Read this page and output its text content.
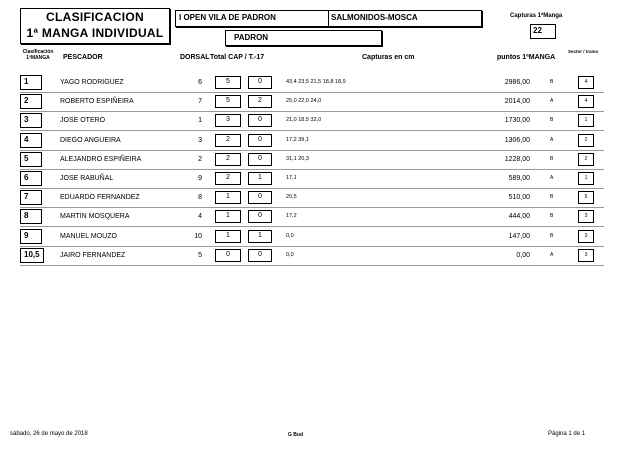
CLASIFICACION
1ª MANGA INDIVIDUAL
I OPEN VILA DE PADRON	SALMONIDOS-MOSCA
PADRON
Capturas 1ªManga
22
Clasificación 1ªMANGA	PESCADOR	DORSAL Total CAP / T.-17	Capturas en cm	puntos 1ªMANGA
Sector / tramo
1	YAGO RODRIGUEZ	6	5	0	43,4 23,5 21,5 18,8 18,9	2986,00	B	4
2	ROBERTO ESPIÑEIRA	7	5	2	25,0 22,0 24,0	2014,00	A	4
3	JOSE OTERO	1	3	0	21,0 18,5 32,0	1730,00	B	1
4	DIEGO ANGUEIRA	3	2	0	17,2 39,1	1306,00	A	2
5	ALEJANDRO ESPIÑEIRA	2	2	0	31,1 20,3	1228,00	B	2
6	JOSE RABUÑAL	9	2	1	17,1	589,00	A	1
7	EDUARDO FERNANDEZ	8	1	0	20,5	510,00	B	5
8	MARTIN MOSQUERA	4	1	0	17,2	444,00	B	3
9	MANUEL MOUZO	10	1	1	0,0	147,00	B	3
10,5	JAIRO FERNANDEZ	5	0	0	0,0	0,00	A	3
sábado, 26 de mayo de 2018	G Bud	Página 1 de 1
